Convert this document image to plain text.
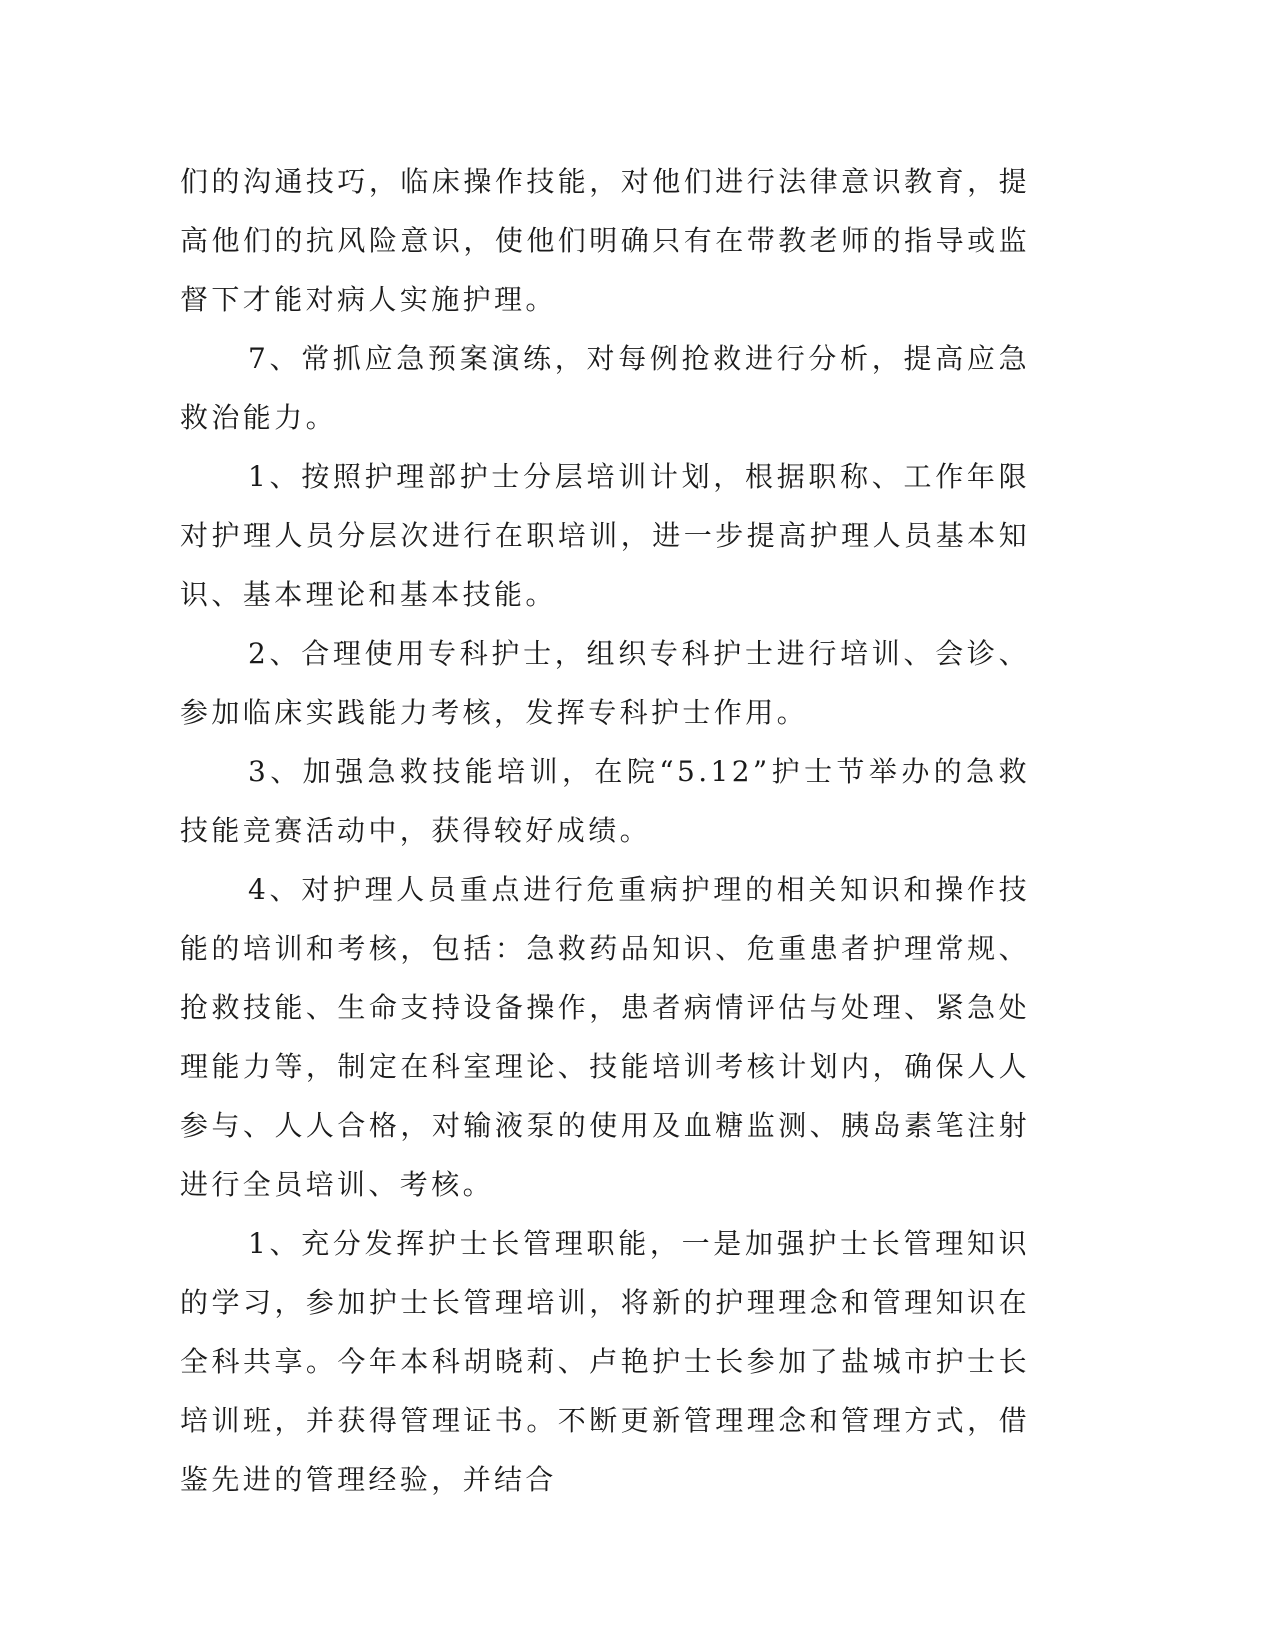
们的沟通技巧，临床操作技能，对他们进行法律意识教育，提高他们的抗风险意识，使他们明确只有在带教老师的指导或监督下才能对病人实施护理。

7、常抓应急预案演练，对每例抢救进行分析，提高应急救治能力。

1、按照护理部护士分层培训计划，根据职称、工作年限对护理人员分层次进行在职培训，进一步提高护理人员基本知识、基本理论和基本技能。

2、合理使用专科护士，组织专科护士进行培训、会诊、参加临床实践能力考核，发挥专科护士作用。

3、加强急救技能培训，在院“5.12”护士节举办的急救技能竞赛活动中，获得较好成绩。

4、对护理人员重点进行危重病护理的相关知识和操作技能的培训和考核，包括：急救药品知识、危重患者护理常规、抢救技能、生命支持设备操作，患者病情评估与处理、紧急处理能力等，制定在科室理论、技能培训考核计划内，确保人人参与、人人合格，对输液泵的使用及血糖监测、胰岛素笔注射进行全员培训、考核。

1、充分发挥护士长管理职能，一是加强护士长管理知识的学习，参加护士长管理培训，将新的护理理念和管理知识在全科共享。今年本科胡晓莉、卢艳护士长参加了盐城市护士长培训班，并获得管理证书。不断更新管理理念和管理方式，借鉴先进的管理经验，并结合
